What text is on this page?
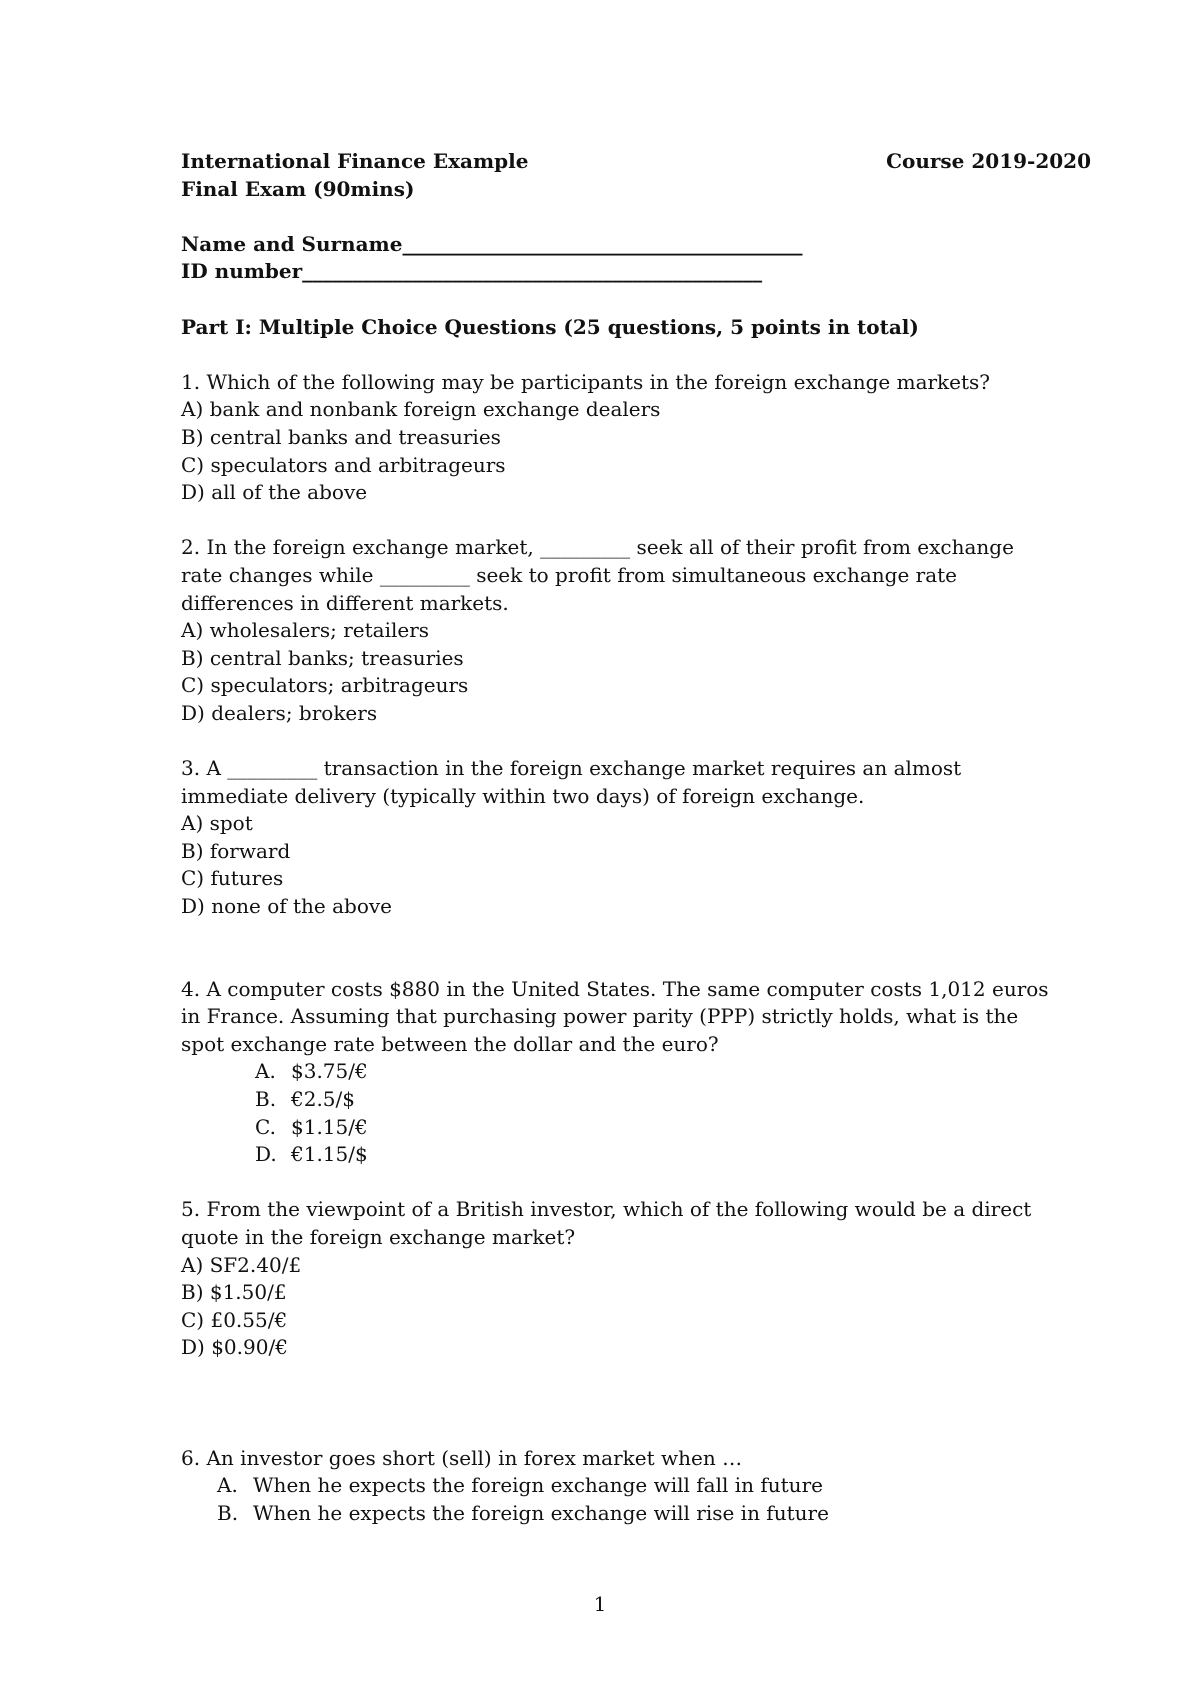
International Finance Example	Course 2019-2020

Final Exam (90mins)

Name and Surname________________________________________

ID number______________________________________________

Part I: Multiple Choice Questions (25 questions, 5 points in total)

1. Which of the following may be participants in the foreign exchange markets?

A) bank and nonbank foreign exchange dealers

B) central banks and treasuries

C) speculators and arbitrageurs

D) all of the above

2. In the foreign exchange market, _________ seek all of their profit from exchange

rate changes while _________ seek to profit from simultaneous exchange rate

differences in different markets.

A) wholesalers; retailers

B) central banks; treasuries

C) speculators; arbitrageurs

D) dealers; brokers

3. A _________ transaction in the foreign exchange market requires an almost

immediate delivery (typically within two days) of foreign exchange.

A) spot

B) forward

C) futures

D) none of the above

4. A computer costs $880 in the United States. The same computer costs 1,012 euros

in France. Assuming that purchasing power parity (PPP) strictly holds, what is the

spot exchange rate between the dollar and the euro?

A. $3.75/€

B. €2.5/$

C. $1.15/€

D. €1.15/$

5. From the viewpoint of a British investor, which of the following would be a direct

quote in the foreign exchange market?

A) SF2.40/£

B) $1.50/£

C) £0.55/€

D) $0.90/€

6. An investor goes short (sell) in forex market when …

A. When he expects the foreign exchange will fall in future

B. When he expects the foreign exchange will rise in future

1
